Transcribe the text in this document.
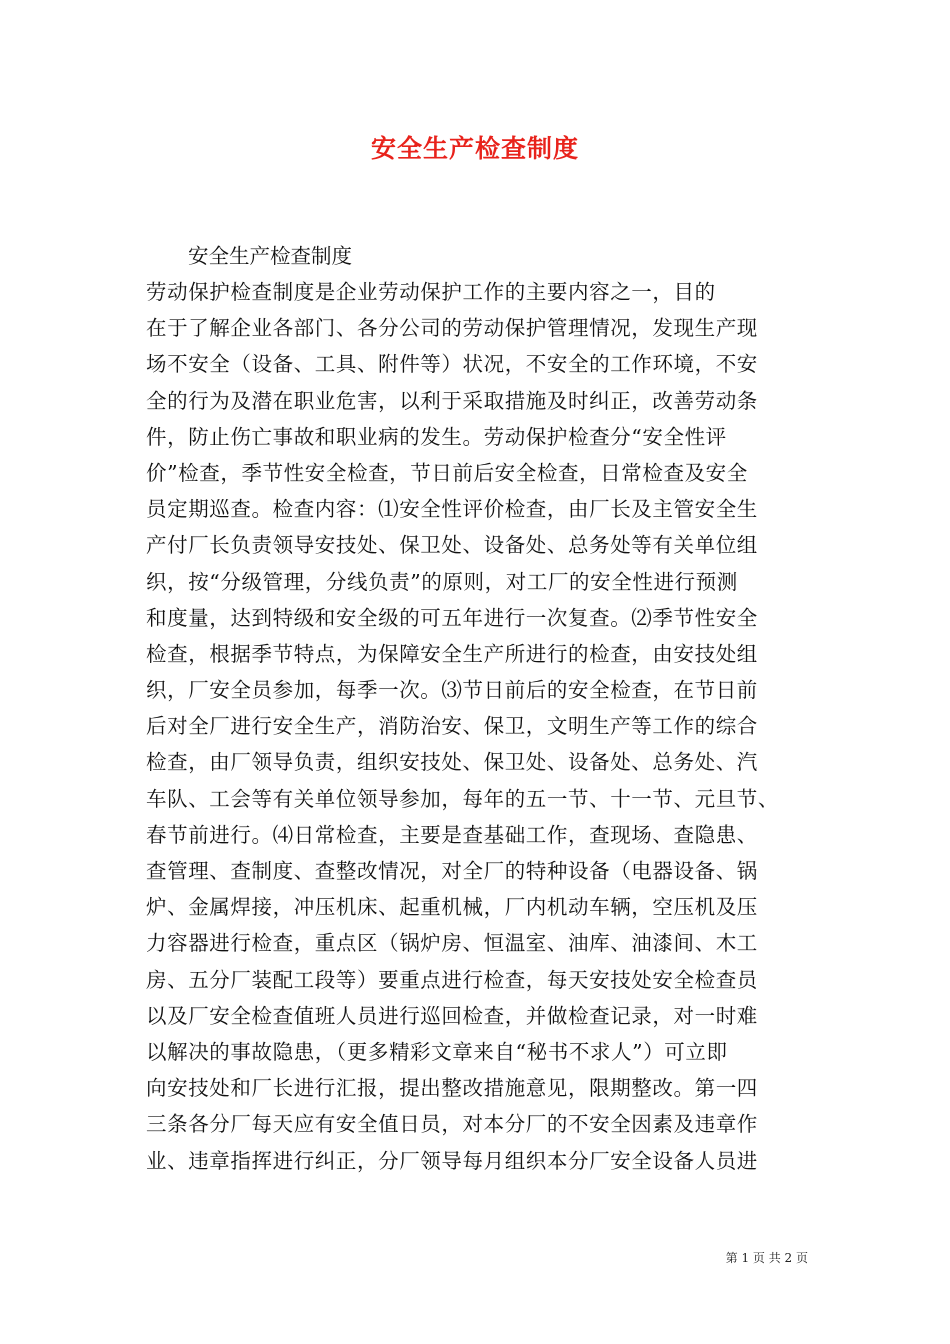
安全生产检查制度

安全生产检查制度

劳动保护检查制度是企业劳动保护工作的主要内容之一，目的
在于了解企业各部门、各分公司的劳动保护管理情况，发现生产现
场不安全（设备、工具、附件等）状况，不安全的工作环境，不安
全的行为及潜在职业危害，以利于采取措施及时纠正，改善劳动条
件，防止伤亡事故和职业病的发生。劳动保护检查分“安全性评
价”检查，季节性安全检查，节日前后安全检查，日常检查及安全
员定期巡查。检查内容：⑴安全性评价检查，由厂长及主管安全生
产付厂长负责领导安技处、保卫处、设备处、总务处等有关单位组
织，按“分级管理，分线负责”的原则，对工厂的安全性进行预测
和度量，达到特级和安全级的可五年进行一次复查。⑵季节性安全
检查，根据季节特点，为保障安全生产所进行的检查，由安技处组
织，厂安全员参加，每季一次。⑶节日前后的安全检查，在节日前
后对全厂进行安全生产，消防治安、保卫，文明生产等工作的综合
检查，由厂领导负责，组织安技处、保卫处、设备处、总务处、汽
车队、工会等有关单位领导参加，每年的五一节、十一节、元旦节、
春节前进行。⑷日常检查，主要是查基础工作，查现场、查隐患、
查管理、查制度、查整改情况，对全厂的特种设备（电器设备、锅
炉、金属焊接，冲压机床、起重机械，厂内机动车辆，空压机及压
力容器进行检查，重点区（锅炉房、恒温室、油库、油漆间、木工
房、五分厂装配工段等）要重点进行检查，每天安技处安全检查员
以及厂安全检查值班人员进行巡回检查，并做检查记录，对一时难
以解决的事故隐患，（更多精彩文章来自“秘书不求人”）可立即
向安技处和厂长进行汇报，提出整改措施意见，限期整改。第一四
三条各分厂每天应有安全值日员，对本分厂的不安全因素及违章作
业、违章指挥进行纠正，分厂领导每月组织本分厂安全设备人员进
第 1 页 共 2 页
